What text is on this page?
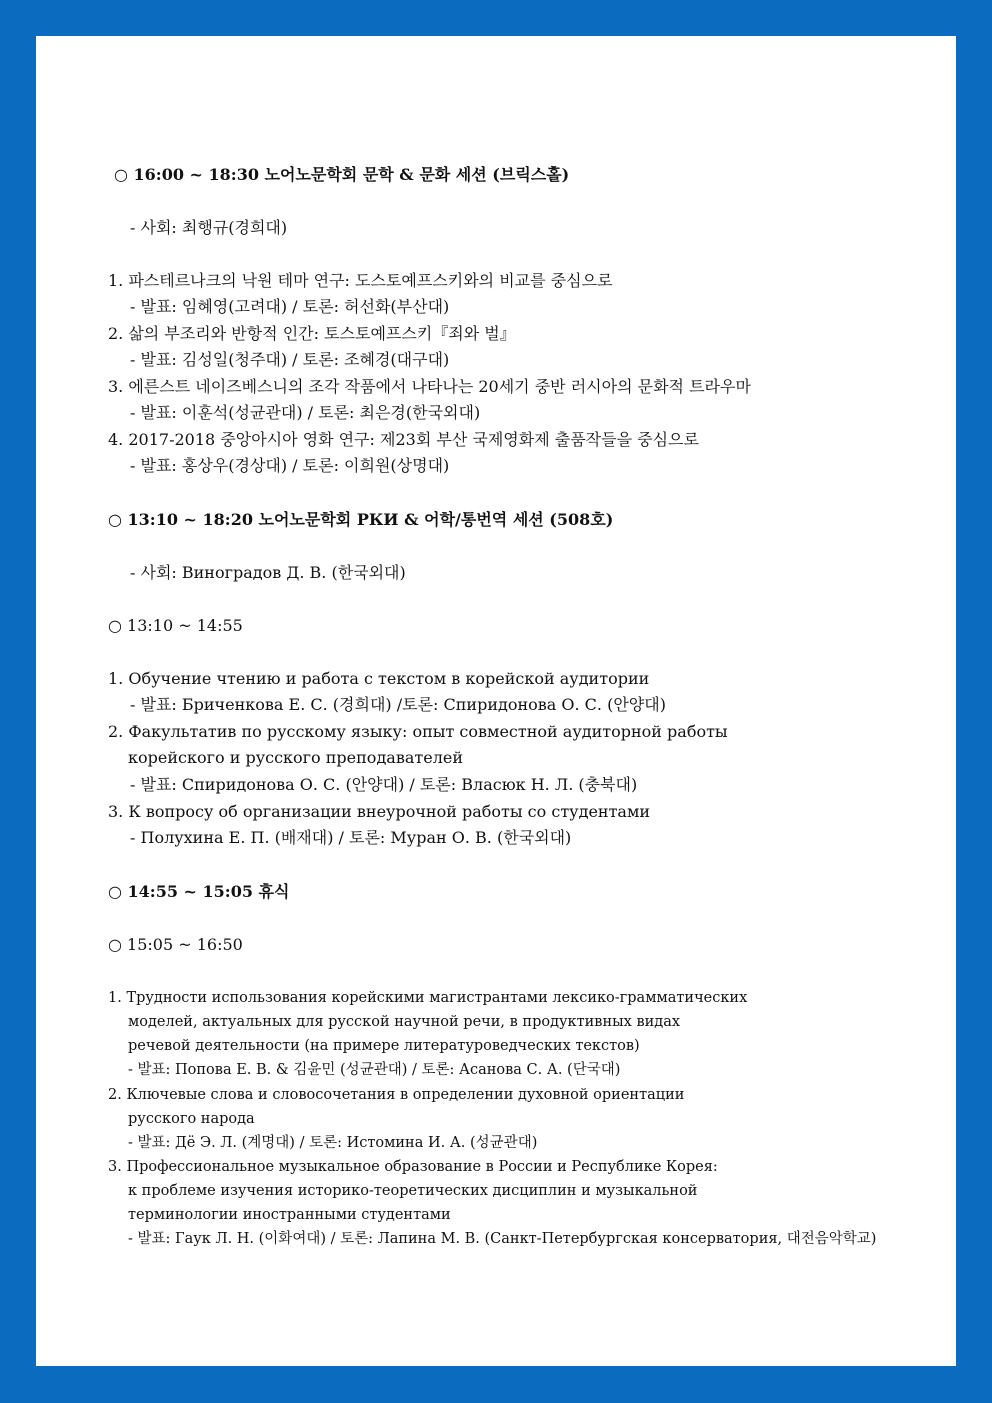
○ 16:00 ~ 18:30 노어노문학회 문학 & 문화 세션 (브릭스홀)
- 사회: 최행규(경희대)
1. 파스테르나크의 낙원 테마 연구: 도스토예프스키와의 비교를 중심으로
- 발표: 임혜영(고려대) / 토론: 허선화(부산대)
2. 삶의 부조리와 반항적 인간: 토스토예프스키『죄와 벌』
- 발표: 김성일(청주대) / 토론: 조혜경(대구대)
3. 에른스트 네이즈베스니의 조각 작품에서 나타나는 20세기 중반 러시아의 문화적 트라우마
- 발표: 이훈석(성균관대) / 토론: 최은경(한국외대)
4. 2017-2018 중앙아시아 영화 연구: 제23회 부산 국제영화제 출품작들을 중심으로
- 발표: 홍상우(경상대) / 토론: 이희원(상명대)
○ 13:10 ~ 18:20 노어노문학회 РКИ & 어학/통번역 세션 (508호)
- 사회: Виноградов Д. В. (한국외대)
○ 13:10 ~ 14:55
1. Обучение чтению и работа с текстом в корейской аудитории
- 발표: Бриченкова Е. С. (경희대) /토론: Спиридонова О. С. (안양대)
2. Факультатив по русскому языку: опыт совместной аудиторной работы
корейского и русского преподавателей
- 발표: Спиридонова О. С. (안양대) / 토론: Власюк Н. Л. (충북대)
3. К вопросу об организации внеурочной работы со студентами
- Полухина Е. П. (배재대) / 토론: Муран О. В. (한국외대)
○ 14:55 ~ 15:05 휴식
○ 15:05 ~ 16:50
1. Трудности использования корейскими магистрантами лексико-грамматических
моделей, актуальных для русской научной речи, в продуктивных видах
речевой деятельности (на примере литературоведческих текстов)
- 발표: Попова Е. В. & 김윤민 (성균관대) / 토론: Асанова С. А. (단국대)
2. Ключевые слова и словосочетания в определении духовной ориентации
русского народа
- 발표: Дё Э. Л. (계명대) / 토론: Истомина И. А. (성균관대)
3. Профессиональное музыкальное образование в России и Республике Корея:
к проблеме изучения историко-теоретических дисциплин и музыкальной
терминологии иностранными студентами
- 발표: Гаук Л. Н. (이화여대) / 토론: Лапина М. В. (Санкт-Петербургская консерватория, 대전음악학교)
